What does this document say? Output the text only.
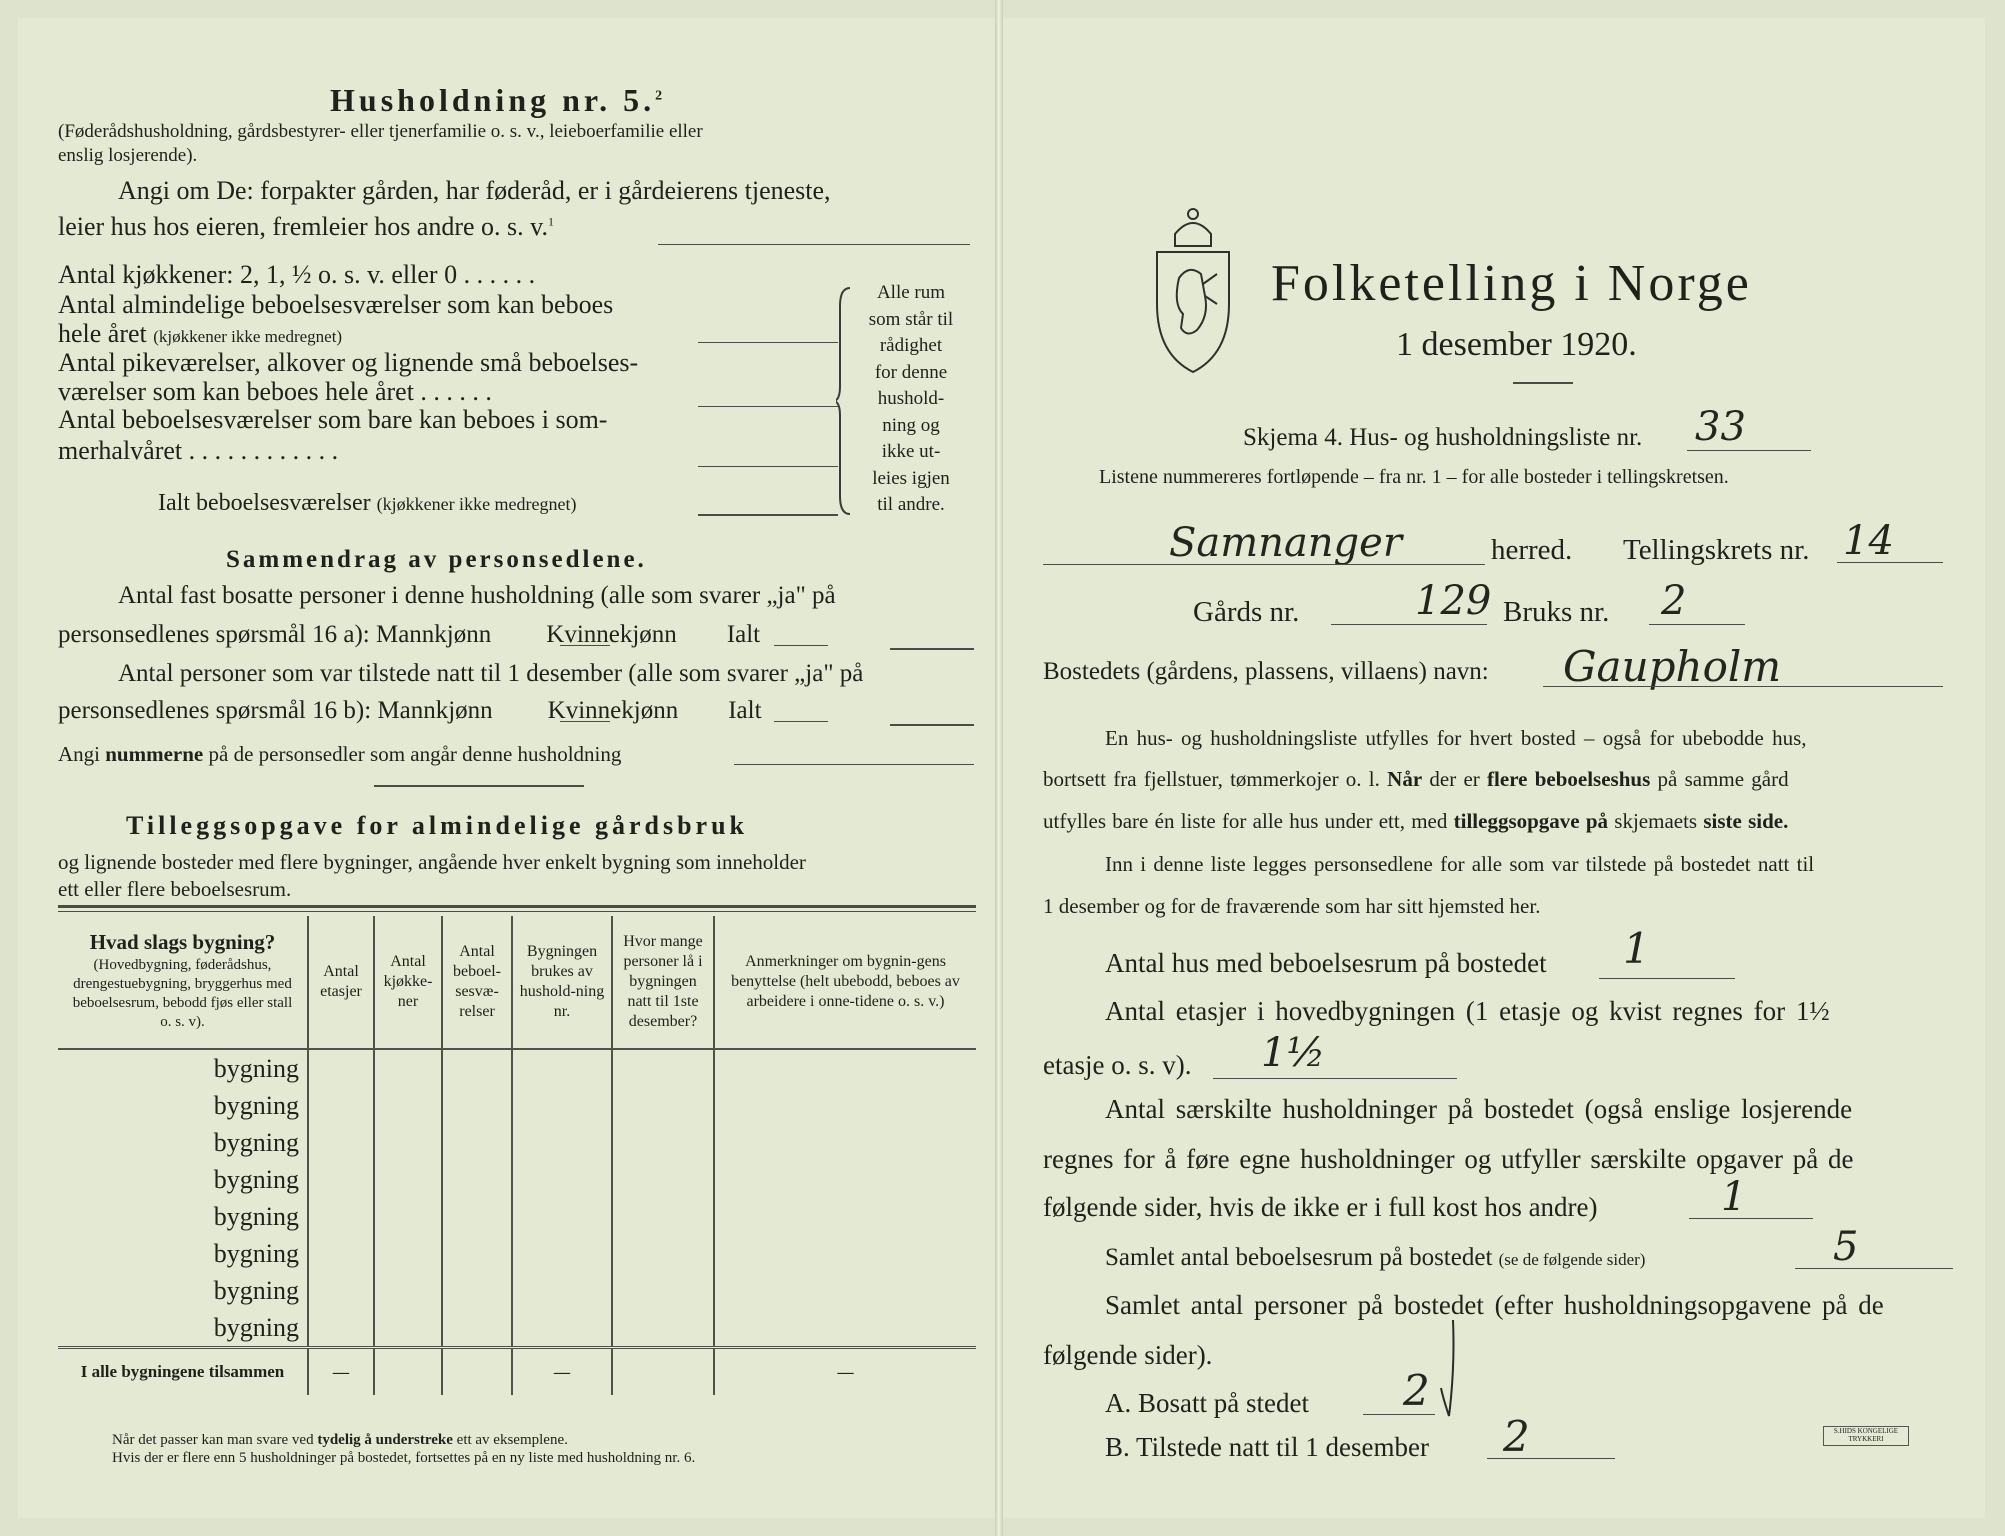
Husholdning nr. 5.$^2$
(Føderådshusholdning, gårdsbestyrer- eller tjenerfamilie o. s. v., leieboerfamilie eller
enslig losjerende).
Angi om De: forpakter gården, har føderåd, er i gårdeierens tjeneste,
leier hus hos eieren, fremleier hos andre o. s. v.$^1$
Antal kjøkkener: 2, 1, ½ o. s. v. eller 0 . . . . . .
Antal almindelige beboelsesværelser som kan beboes
hele året (kjøkkener ikke medregnet)
Antal pikeværelser, alkover og lignende små beboelses-
værelser som kan beboes hele året . . . . . .
Antal beboelsesværelser som bare kan beboes i som-
merhalvåret . . . . . . . . . . . .
Ialt beboelsesværelser (kjøkkener ikke medregnet)
Alle rum
som står til
rådighet
for denne
hushold-
ning og
ikke ut-
leies igjen
til andre.
Sammendrag av personsedlene.
Antal fast bosatte personer i denne husholdning (alle som svarer „ja" på
personsedlenes spørsmål 16 a): Mannkjønn Kvinnekjønn Ialt
Antal personer som var tilstede natt til 1 desember (alle som svarer „ja" på
personsedlenes spørsmål 16 b): Mannkjønn Kvinnekjønn Ialt
Angi nummerne på de personsedler som angår denne husholdning
Tilleggsopgave for almindelige gårdsbruk
og lignende bosteder med flere bygninger, angående hver enkelt bygning som inneholder
ett eller flere beboelsesrum.
Hvad slags bygning?
(Hovedbygning, føderådshus, drengestuebygning, bryggerhus med beboelsesrum, bebodd fjøs eller stall o. s. v).	Antal etasjer	Antal kjøkke-ner	Antal beboel-sesvæ-relser	Bygningen brukes av hushold-ning nr.	Hvor mange personer lå i bygningen natt til 1ste desember?	Anmerkninger om bygnin-gens benyttelse (helt ubebodd, beboes av arbeidere i onne-tidene o. s. v.)
bygning						
bygning						
bygning						
bygning						
bygning						
bygning						
bygning						
bygning						
I alle bygningene tilsammen	—			—		—
Når det passer kan man svare ved tydelig å understreke ett av eksemplene.
Hvis der er flere enn 5 husholdninger på bostedet, fortsettes på en ny liste med husholdning nr. 6.
Folketelling i Norge
1 desember 1920.
Skjema 4. Hus- og husholdningsliste nr. 33
Listene nummereres fortløpende – fra nr. 1 – for alle bosteder i tellingskretsen.
Samnanger	herred. Tellingskrets nr. 14
Gårds nr.	129 Bruks nr. 2
Bostedets (gårdens, plassens, villaens) navn: Gaupholm
En hus- og husholdningsliste utfylles for hvert bosted – også for ubebodde hus,
bortsett fra fjellstuer, tømmerkojer o. l. Når der er flere beboelseshus på samme gård
utfylles bare én liste for alle hus under ett, med tilleggsopgave på skjemaets siste side.
Inn i denne liste legges personsedlene for alle som var tilstede på bostedet natt til
1 desember og for de fraværende som har sitt hjemsted her.
Antal hus med beboelsesrum på bostedet 1
Antal etasjer i hovedbygningen (1 etasje og kvist regnes for 1½
etasje o. s. v). 1½
Antal særskilte husholdninger på bostedet (også enslige losjerende
regnes for å føre egne husholdninger og utfyller særskilte opgaver på de
følgende sider, hvis de ikke er i full kost hos andre)	1
Samlet antal beboelsesrum på bostedet (se de følgende sider)	5
Samlet antal personer på bostedet (efter husholdningsopgavene på de
følgende sider).
A. Bosatt på stedet 2
B. Tilstede natt til 1 desember 2	S.HIDS KONGELIGE TRYKKERI
